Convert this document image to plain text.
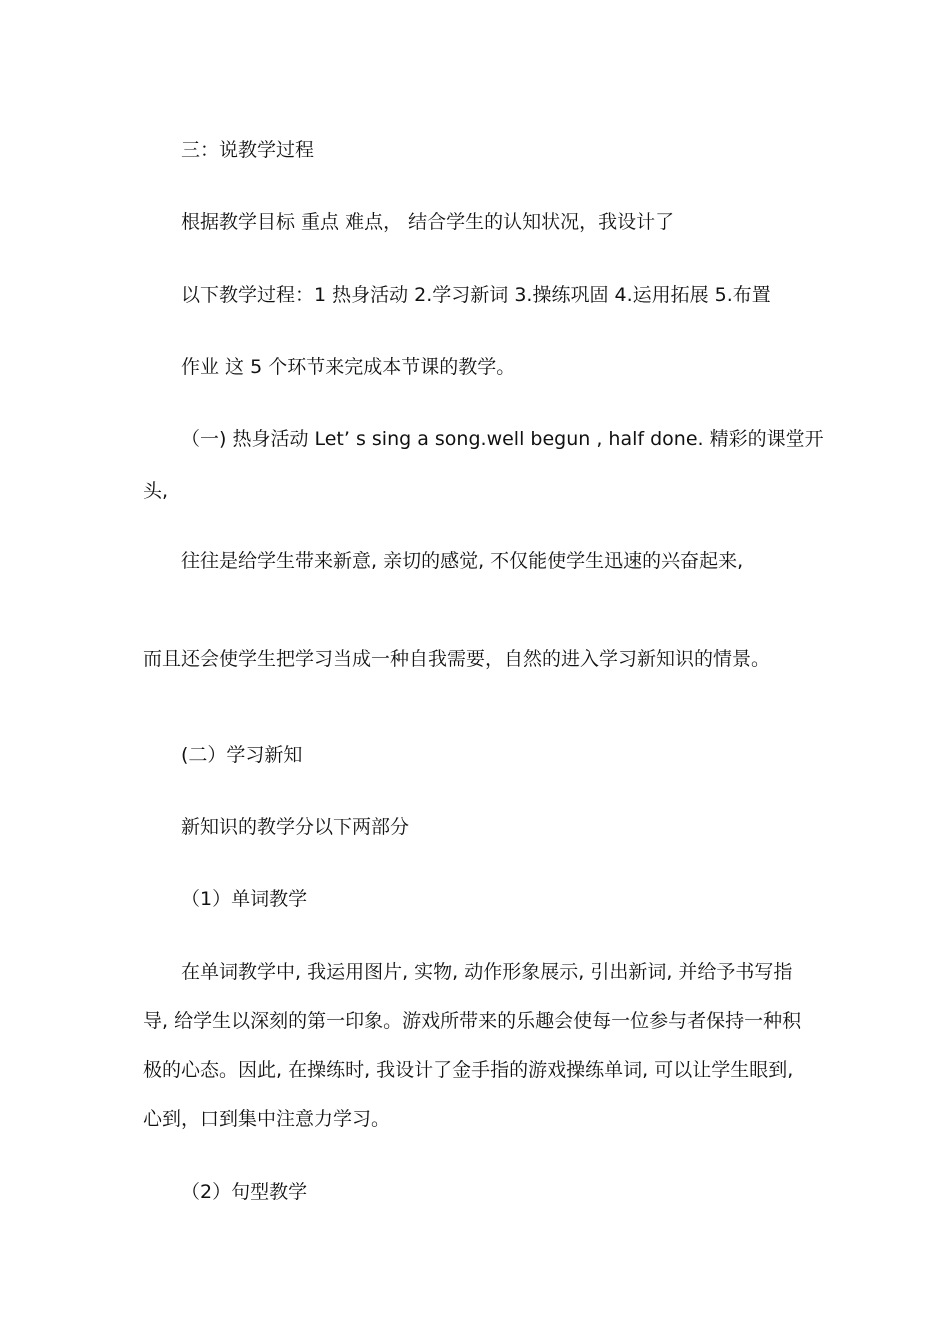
三：说教学过程
根据教学目标 重点 难点， 结合学生的认知状况，我设计了
以下教学过程：1 热身活动 2.学习新词 3.操练巩固 4.运用拓展 5.布置
作业 这 5 个环节来完成本节课的教学。
（一) 热身活动 Let’ s sing a song.well begun , half done. 精彩的课堂开
头,
往往是给学生带来新意, 亲切的感觉, 不仅能使学生迅速的兴奋起来,
而且还会使学生把学习当成一种自我需要，自然的进入学习新知识的情景。
(二）学习新知
新知识的教学分以下两部分
（1）单词教学
在单词教学中, 我运用图片, 实物, 动作形象展示, 引出新词, 并给予书写指
导, 给学生以深刻的第一印象。游戏所带来的乐趣会使每一位参与者保持一种积
极的心态。因此, 在操练时, 我设计了金手指的游戏操练单词, 可以让学生眼到,
心到，口到集中注意力学习。
（2）句型教学
